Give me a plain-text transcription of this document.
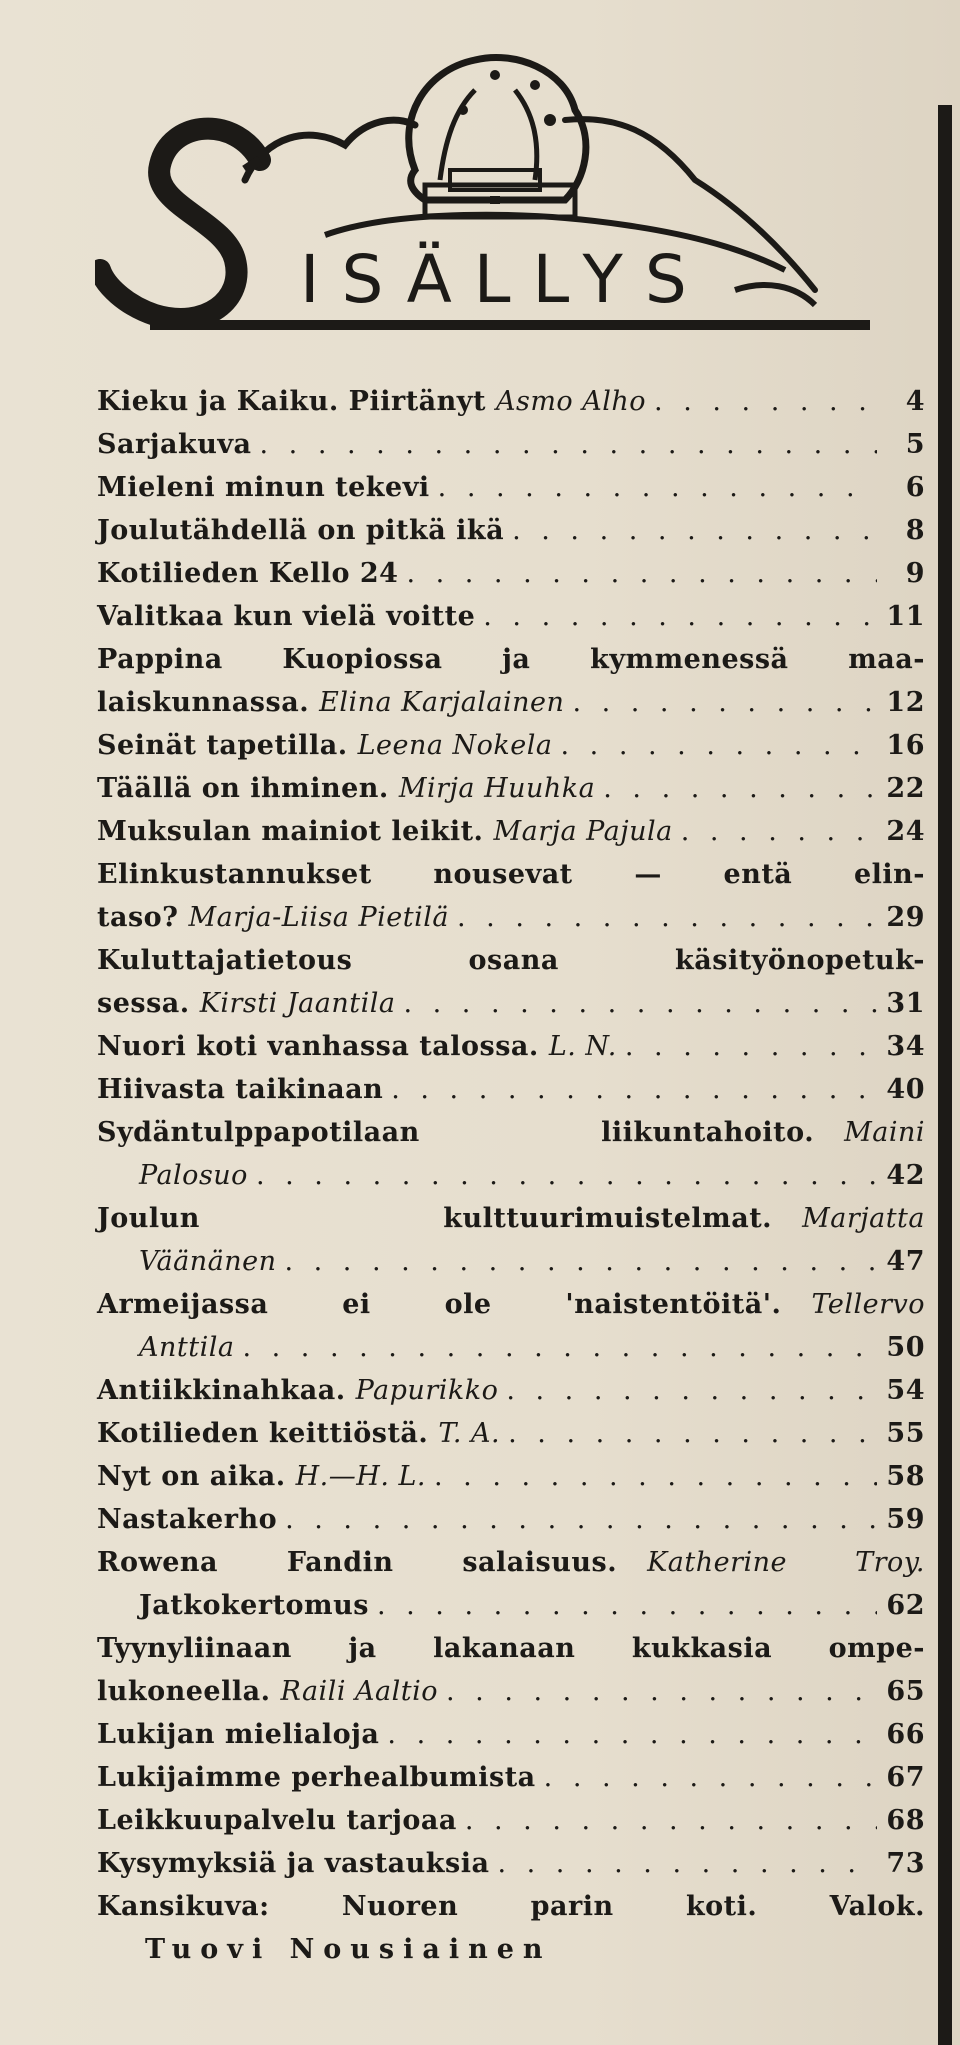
ISÄLLYS
Kieku ja Kaiku. Piirtänyt Asmo Alho . . .	4
Sarjakuva . . .	5
Mieleni minun tekevi . . .	6
Joulutähdellä on pitkä ikä . . .	8
Kotilieden Kello 24 . . .	9
Valitkaa kun vielä voitte . . .	11
Pappina Kuopiossa ja kymmenessä maa-
laiskunnassa. Elina Karjalainen . . .	12
Seinät tapetilla. Leena Nokela . . .	16
Täällä on ihminen. Mirja Huuhka . . .	22
Muksulan mainiot leikit. Marja Pajula . . .	24
Elinkustannukset nousevat — entä elin-
taso? Marja-Liisa Pietilä . . .	29
Kuluttajatietous osana käsityönopetuk-
sessa. Kirsti Jaantila . . .	31
Nuori koti vanhassa talossa. L. N. . . .	34
Hiivasta taikinaan . . .	40
Sydäntulppapotilaan liikuntahoito. Maini
Palosuo . . .	42
Joulun kulttuurimuistelmat. Marjatta
Väänänen . . .	47
Armeijassa ei ole 'naistentöitä'. Tellervo
Anttila . . .	50
Antiikkinahkaa. Papurikko . . .	54
Kotilieden keittiöstä. T. A. . . .	55
Nyt on aika. H.—H. L. . . .	58
Nastakerho . . .	59
Rowena Fandin salaisuus. Katherine Troy.
Jatkokertomus . . .	62
Tyynyliinaan ja lakanaan kukkasia ompe-
lukoneella. Raili Aaltio . . .	65
Lukijan mielialoja . . .	66
Lukijaimme perhealbumista . . .	67
Leikkuupalvelu tarjoaa . . .	68
Kysymyksiä ja vastauksia . . .	73
Kansikuva:	Nuoren	parin	koti.	Valok.
Tuovi Nousiainen
